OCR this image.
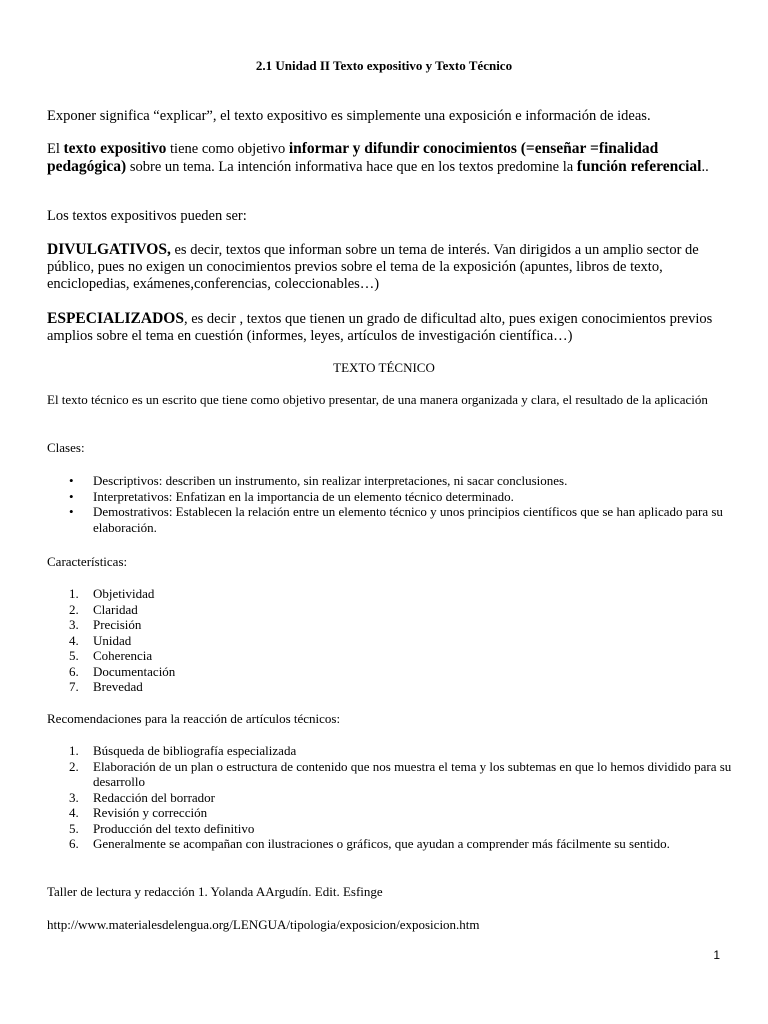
2.1 Unidad II Texto expositivo y Texto Técnico
Exponer significa “explicar”, el texto expositivo es simplemente una exposición e información de ideas.
El texto expositivo tiene como objetivo informar y difundir conocimientos (=enseñar =finalidad pedagógica) sobre un tema. La intención informativa hace que en los textos predomine la función referencial..
Los textos expositivos pueden ser:
DIVULGATIVOS, es decir, textos que informan sobre un tema de interés. Van dirigidos a un amplio sector de público, pues no exigen un conocimientos previos sobre el tema de la exposición (apuntes, libros de texto, enciclopedias, exámenes,conferencias, coleccionables…)
ESPECIALIZADOS, es decir , textos que tienen un grado de dificultad alto, pues exigen conocimientos previos amplios sobre el tema en cuestión (informes, leyes, artículos de investigación científica…)
TEXTO TÉCNICO
El texto técnico es un escrito que tiene como objetivo presentar, de una manera organizada y clara, el resultado de la aplicación
Clases:
• Descriptivos: describen un instrumento, sin realizar interpretaciones, ni sacar conclusiones.
• Interpretativos: Enfatizan en la importancia de un elemento técnico determinado.
• Demostrativos: Establecen la relación entre un elemento técnico y unos principios científicos que se han aplicado para su elaboración.
Características:
1. Objetividad
2. Claridad
3. Precisión
4. Unidad
5. Coherencia
6. Documentación
7. Brevedad
Recomendaciones para la reacción de artículos técnicos:
1. Búsqueda de bibliografía especializada
2. Elaboración de un plan o estructura de contenido que nos muestra el tema y los subtemas en que lo hemos dividido para su desarrollo
3. Redacción del borrador
4. Revisión y corrección
5. Producción del texto definitivo
6. Generalmente se acompañan con ilustraciones o gráficos, que ayudan a comprender más fácilmente su sentido.
Taller de lectura y redacción 1. Yolanda AArgudín. Edit. Esfinge
http://www.materialesdelengua.org/LENGUA/tipologia/exposicion/exposicion.htm
1
